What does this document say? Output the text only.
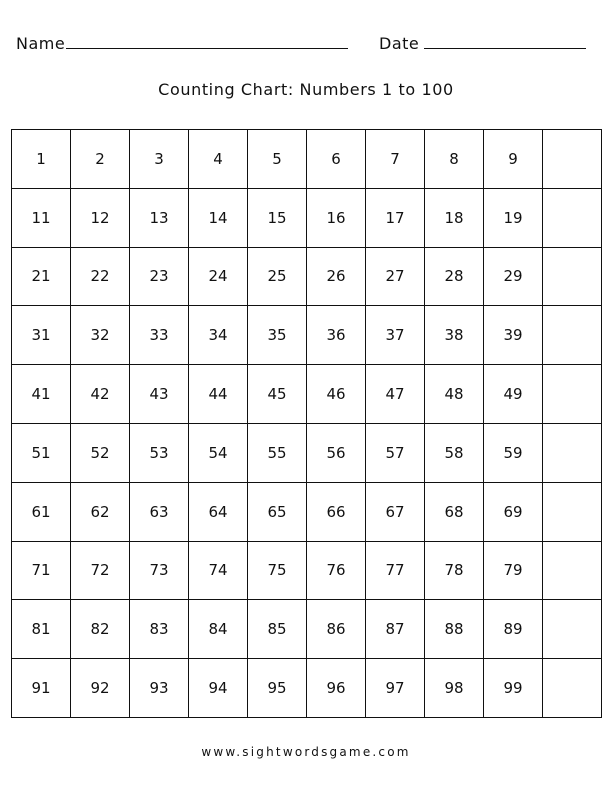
Name	Date
Counting Chart: Numbers 1 to 100
1	2	3	4	5	6	7	8	9
11	12	13	14	15	16	17	18	19
21	22	23	24	25	26	27	28	29
31	32	33	34	35	36	37	38	39
41	42	43	44	45	46	47	48	49
51	52	53	54	55	56	57	58	59
61	62	63	64	65	66	67	68	69
71	72	73	74	75	76	77	78	79
81	82	83	84	85	86	87	88	89
91	92	93	94	95	96	97	98	99
www.sightwordsgame.com
